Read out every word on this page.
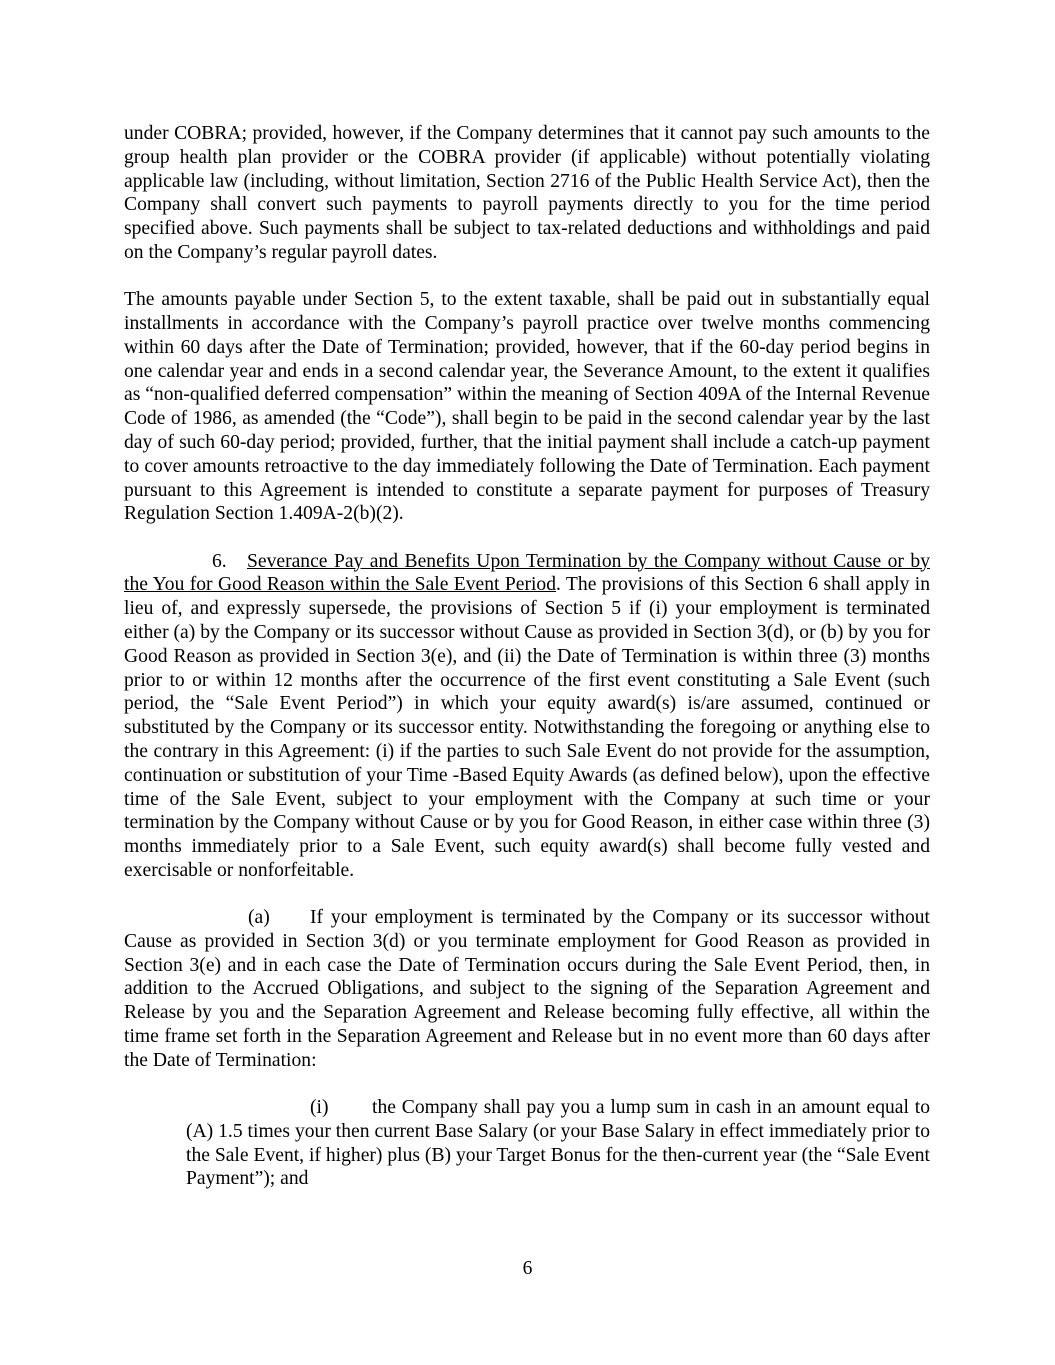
under COBRA; provided, however, if the Company determines that it cannot pay such amounts to the group health plan provider or the COBRA provider (if applicable) without potentially violating applicable law (including, without limitation, Section 2716 of the Public Health Service Act), then the Company shall convert such payments to payroll payments directly to you for the time period specified above. Such payments shall be subject to tax-related deductions and withholdings and paid on the Company’s regular payroll dates.

The amounts payable under Section 5, to the extent taxable, shall be paid out in substantially equal installments in accordance with the Company’s payroll practice over twelve months commencing within 60 days after the Date of Termination; provided, however, that if the 60-day period begins in one calendar year and ends in a second calendar year, the Severance Amount, to the extent it qualifies as “non-qualified deferred compensation” within the meaning of Section 409A of the Internal Revenue Code of 1986, as amended (the “Code”), shall begin to be paid in the second calendar year by the last day of such 60-day period; provided, further, that the initial payment shall include a catch-up payment to cover amounts retroactive to the day immediately following the Date of Termination. Each payment pursuant to this Agreement is intended to constitute a separate payment for purposes of Treasury Regulation Section 1.409A-2(b)(2).

6. Severance Pay and Benefits Upon Termination by the Company without Cause or by the You for Good Reason within the Sale Event Period. The provisions of this Section 6 shall apply in lieu of, and expressly supersede, the provisions of Section 5 if (i) your employment is terminated either (a) by the Company or its successor without Cause as provided in Section 3(d), or (b) by you for Good Reason as provided in Section 3(e), and (ii) the Date of Termination is within three (3) months prior to or within 12 months after the occurrence of the first event constituting a Sale Event (such period, the “Sale Event Period”) in which your equity award(s) is/are assumed, continued or substituted by the Company or its successor entity. Notwithstanding the foregoing or anything else to the contrary in this Agreement: (i) if the parties to such Sale Event do not provide for the assumption, continuation or substitution of your Time -Based Equity Awards (as defined below), upon the effective time of the Sale Event, subject to your employment with the Company at such time or your termination by the Company without Cause or by you for Good Reason, in either case within three (3) months immediately prior to a Sale Event, such equity award(s) shall become fully vested and exercisable or nonforfeitable.

(a) If your employment is terminated by the Company or its successor without Cause as provided in Section 3(d) or you terminate employment for Good Reason as provided in Section 3(e) and in each case the Date of Termination occurs during the Sale Event Period, then, in addition to the Accrued Obligations, and subject to the signing of the Separation Agreement and Release by you and the Separation Agreement and Release becoming fully effective, all within the time frame set forth in the Separation Agreement and Release but in no event more than 60 days after the Date of Termination:

(i) the Company shall pay you a lump sum in cash in an amount equal to (A) 1.5 times your then current Base Salary (or your Base Salary in effect immediately prior to the Sale Event, if higher) plus (B) your Target Bonus for the then-current year (the “Sale Event Payment”); and

6
